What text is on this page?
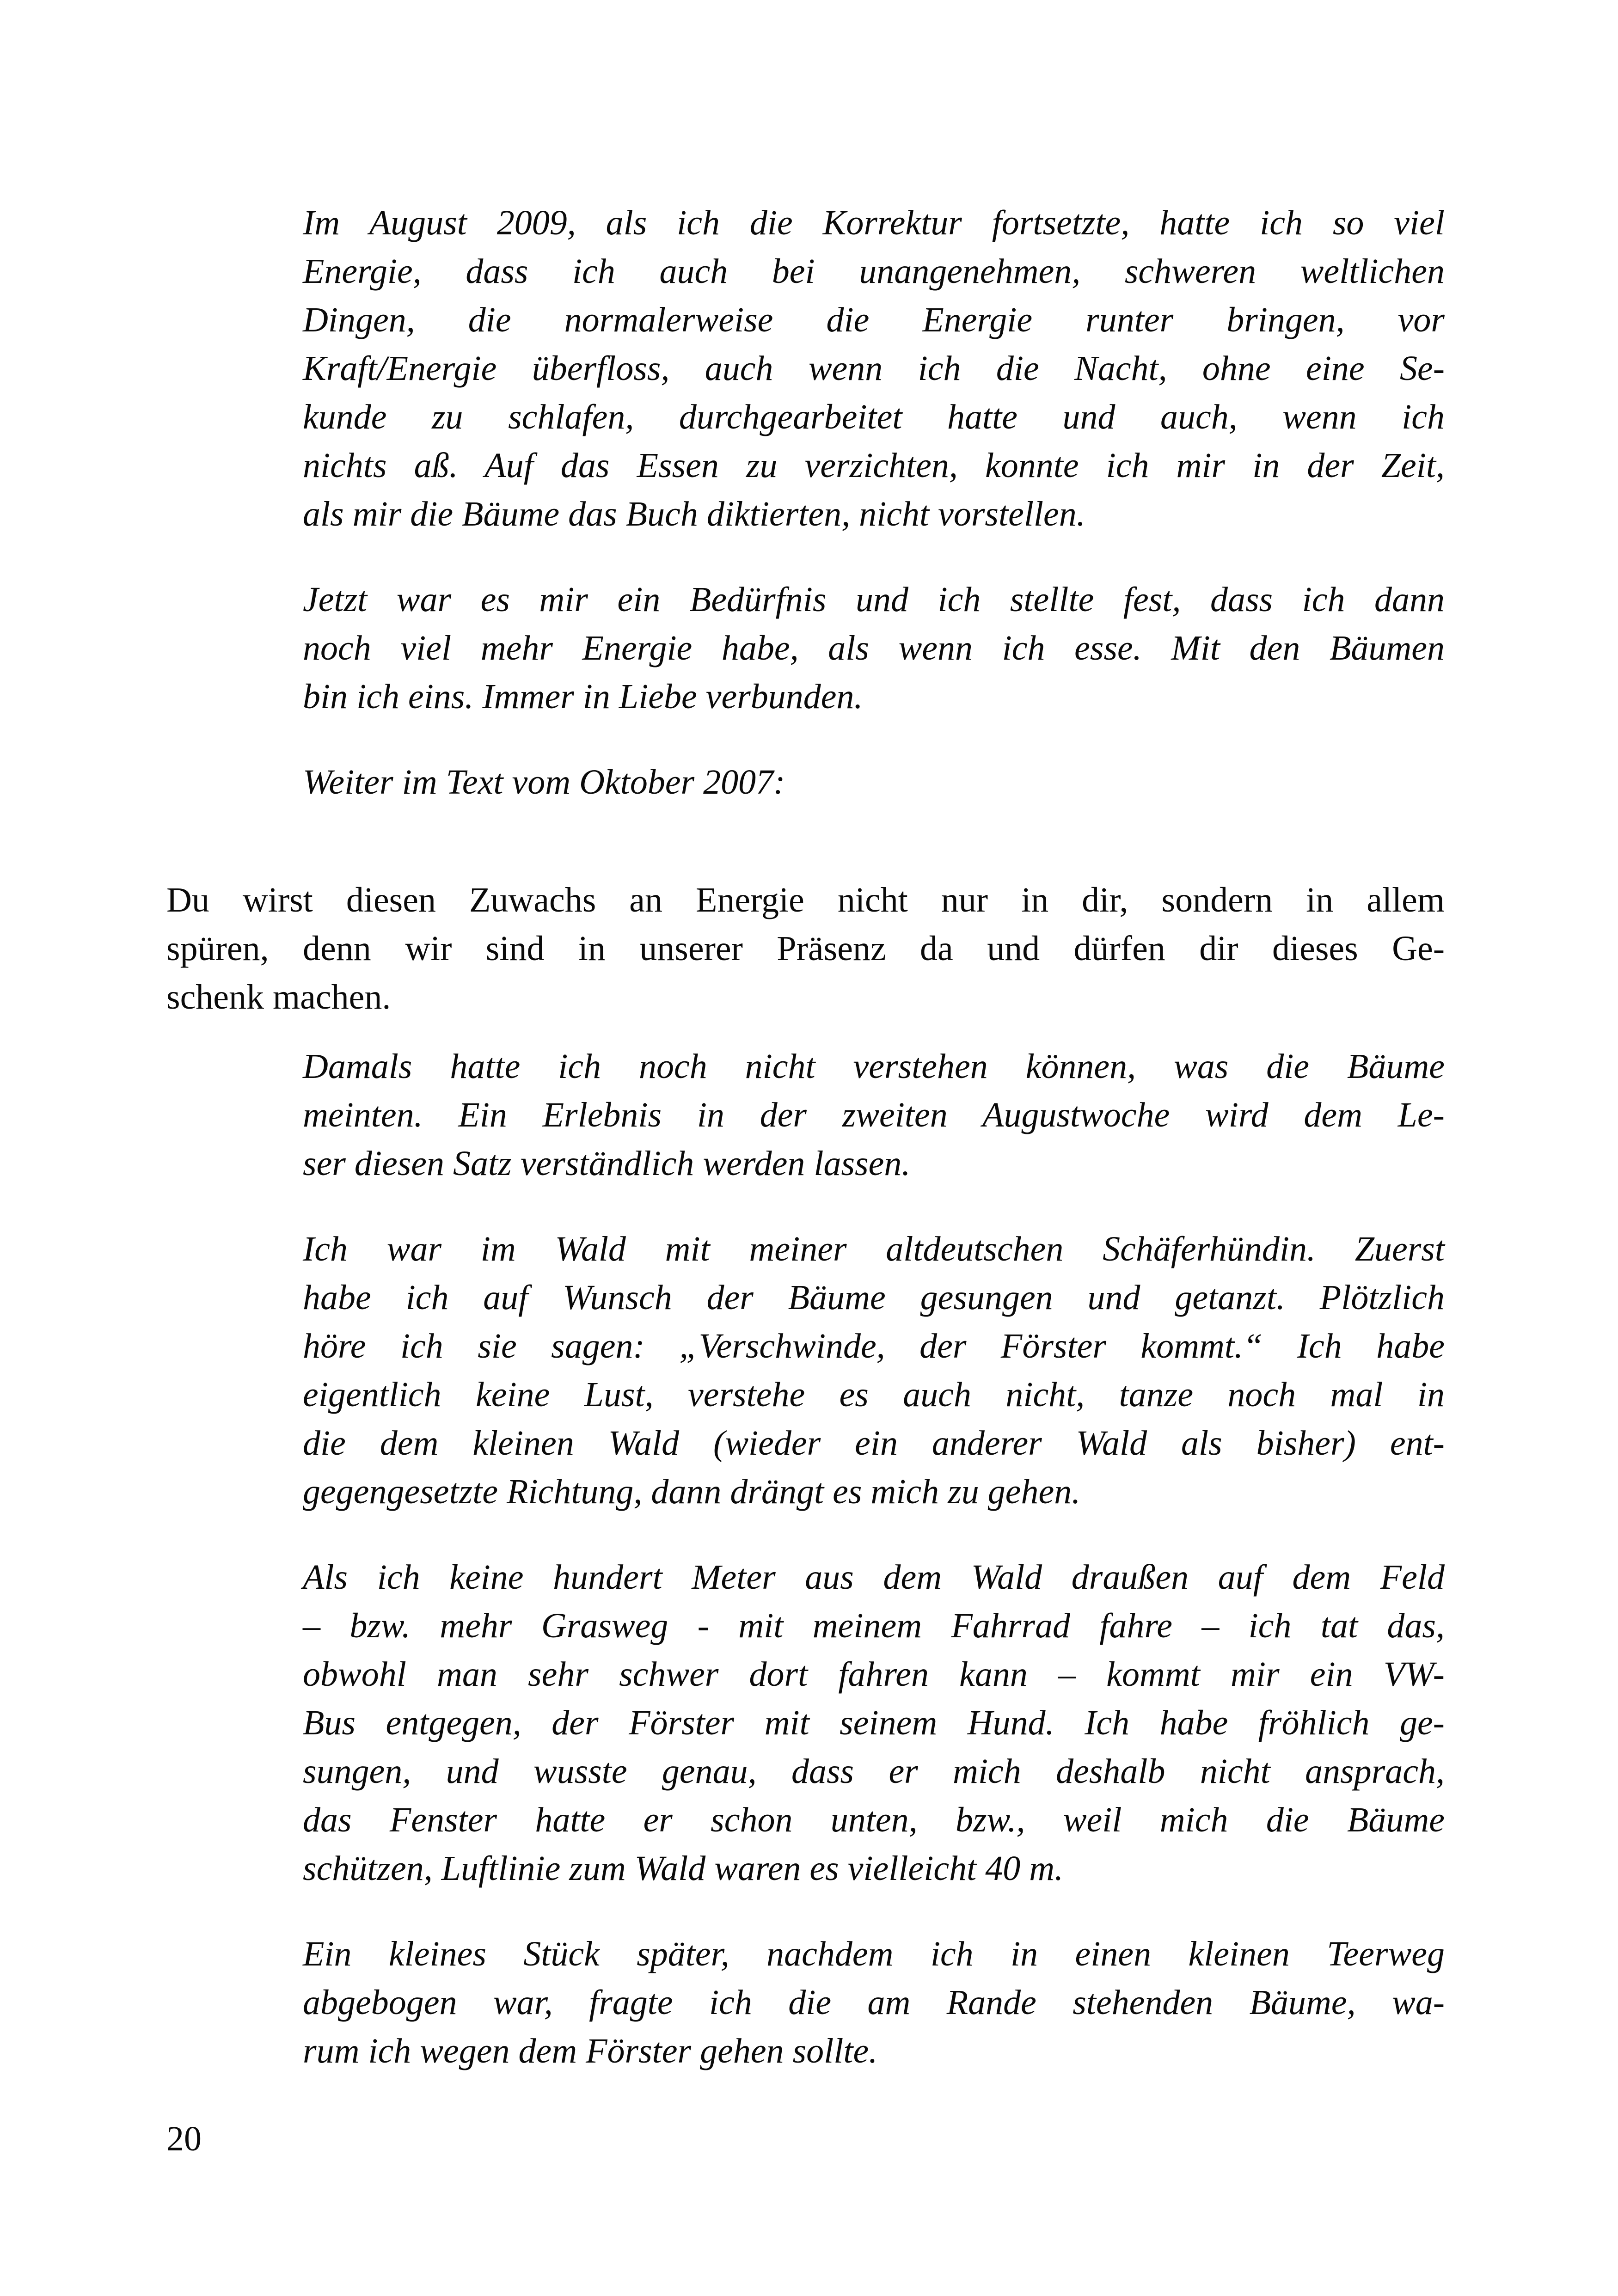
Im August 2009, als ich die Korrektur fortsetzte, hatte ich so viel
Energie, dass ich auch bei unangenehmen, schweren weltlichen
Dingen, die normalerweise die Energie runter bringen, vor
Kraft/Energie überfloss, auch wenn ich die Nacht, ohne eine Se-
kunde zu schlafen, durchgearbeitet hatte und auch, wenn ich
nichts aß. Auf das Essen zu verzichten, konnte ich mir in der Zeit,
als mir die Bäume das Buch diktierten, nicht vorstellen.
Jetzt war es mir ein Bedürfnis und ich stellte fest, dass ich dann
noch viel mehr Energie habe, als wenn ich esse. Mit den Bäumen
bin ich eins. Immer in Liebe verbunden.
Weiter im Text vom Oktober 2007:
Du wirst diesen Zuwachs an Energie nicht nur in dir, sondern in allem
spüren, denn wir sind in unserer Präsenz da und dürfen dir dieses Ge-
schenk machen.
Damals hatte ich noch nicht verstehen können, was die Bäume
meinten. Ein Erlebnis in der zweiten Augustwoche wird dem Le-
ser diesen Satz verständlich werden lassen.
Ich war im Wald mit meiner altdeutschen Schäferhündin. Zuerst
habe ich auf Wunsch der Bäume gesungen und getanzt. Plötzlich
höre ich sie sagen: „Verschwinde, der Förster kommt.“ Ich habe
eigentlich keine Lust, verstehe es auch nicht, tanze noch mal in
die dem kleinen Wald (wieder ein anderer Wald als bisher) ent-
gegengesetzte Richtung, dann drängt es mich zu gehen.
Als ich keine hundert Meter aus dem Wald draußen auf dem Feld
– bzw. mehr Grasweg - mit meinem Fahrrad fahre – ich tat das,
obwohl man sehr schwer dort fahren kann – kommt mir ein VW-
Bus entgegen, der Förster mit seinem Hund. Ich habe fröhlich ge-
sungen, und wusste genau, dass er mich deshalb nicht ansprach,
das Fenster hatte er schon unten, bzw., weil mich die Bäume
schützen, Luftlinie zum Wald waren es vielleicht 40 m.
Ein kleines Stück später, nachdem ich in einen kleinen Teerweg
abgebogen war, fragte ich die am Rande stehenden Bäume, wa-
rum ich wegen dem Förster gehen sollte.
20
